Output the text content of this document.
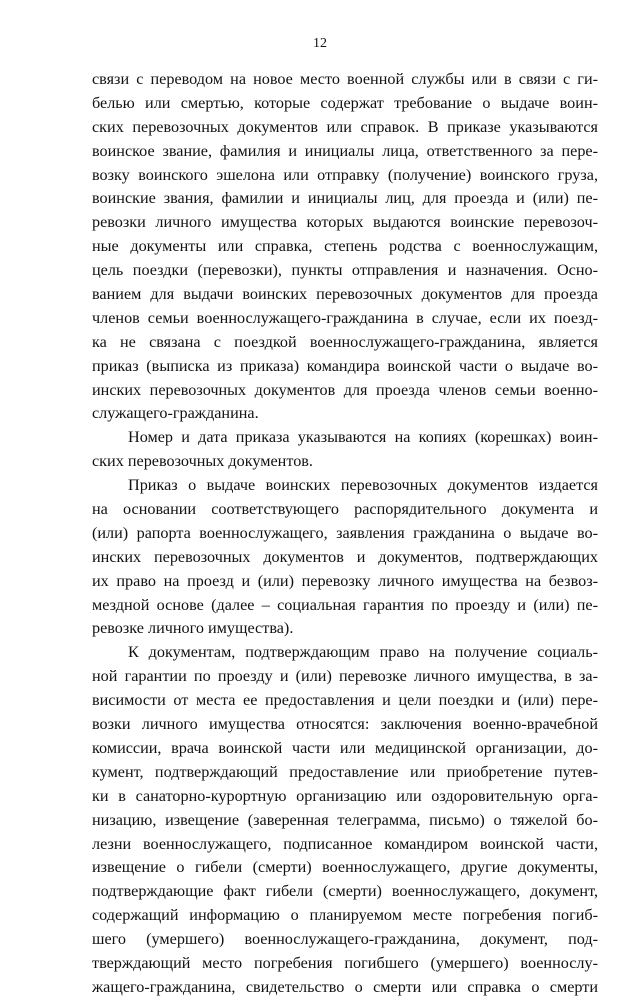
12
связи с переводом на новое место военной службы или в связи с ги-
белью или смертью, которые содержат требование о выдаче воин-
ских перевозочных документов или справок. В приказе указываются
воинское звание, фамилия и инициалы лица, ответственного за пере-
возку воинского эшелона или отправку (получение) воинского груза,
воинские звания, фамилии и инициалы лиц, для проезда и (или) пе-
ревозки личного имущества которых выдаются воинские перевозоч-
ные документы или справка, степень родства с военнослужащим,
цель поездки (перевозки), пункты отправления и назначения. Осно-
ванием для выдачи воинских перевозочных документов для проезда
членов семьи военнослужащего-гражданина в случае, если их поезд-
ка не связана с поездкой военнослужащего-гражданина, является
приказ (выписка из приказа) командира воинской части о выдаче во-
инских перевозочных документов для проезда членов семьи военно-
служащего-гражданина.
Номер и дата приказа указываются на копиях (корешках) воин-
ских перевозочных документов.
Приказ о выдаче воинских перевозочных документов издается
на основании соответствующего распорядительного документа и
(или) рапорта военнослужащего, заявления гражданина о выдаче во-
инских перевозочных документов и документов, подтверждающих
их право на проезд и (или) перевозку личного имущества на безвоз-
мездной основе (далее – социальная гарантия по проезду и (или) пе-
ревозке личного имущества).
К документам, подтверждающим право на получение социаль-
ной гарантии по проезду и (или) перевозке личного имущества, в за-
висимости от места ее предоставления и цели поездки и (или) пере-
возки личного имущества относятся: заключения военно-врачебной
комиссии, врача воинской части или медицинской организации, до-
кумент, подтверждающий предоставление или приобретение путев-
ки в санаторно-курортную организацию или оздоровительную орга-
низацию, извещение (заверенная телеграмма, письмо) о тяжелой бо-
лезни военнослужащего, подписанное командиром воинской части,
извещение о гибели (смерти) военнослужащего, другие документы,
подтверждающие факт гибели (смерти) военнослужащего, документ,
содержащий информацию о планируемом месте погребения погиб-
шего (умершего) военнослужащего-гражданина, документ, под-
тверждающий место погребения погибшего (умершего) военнослу-
жащего-гражданина, свидетельство о смерти или справка о смерти
